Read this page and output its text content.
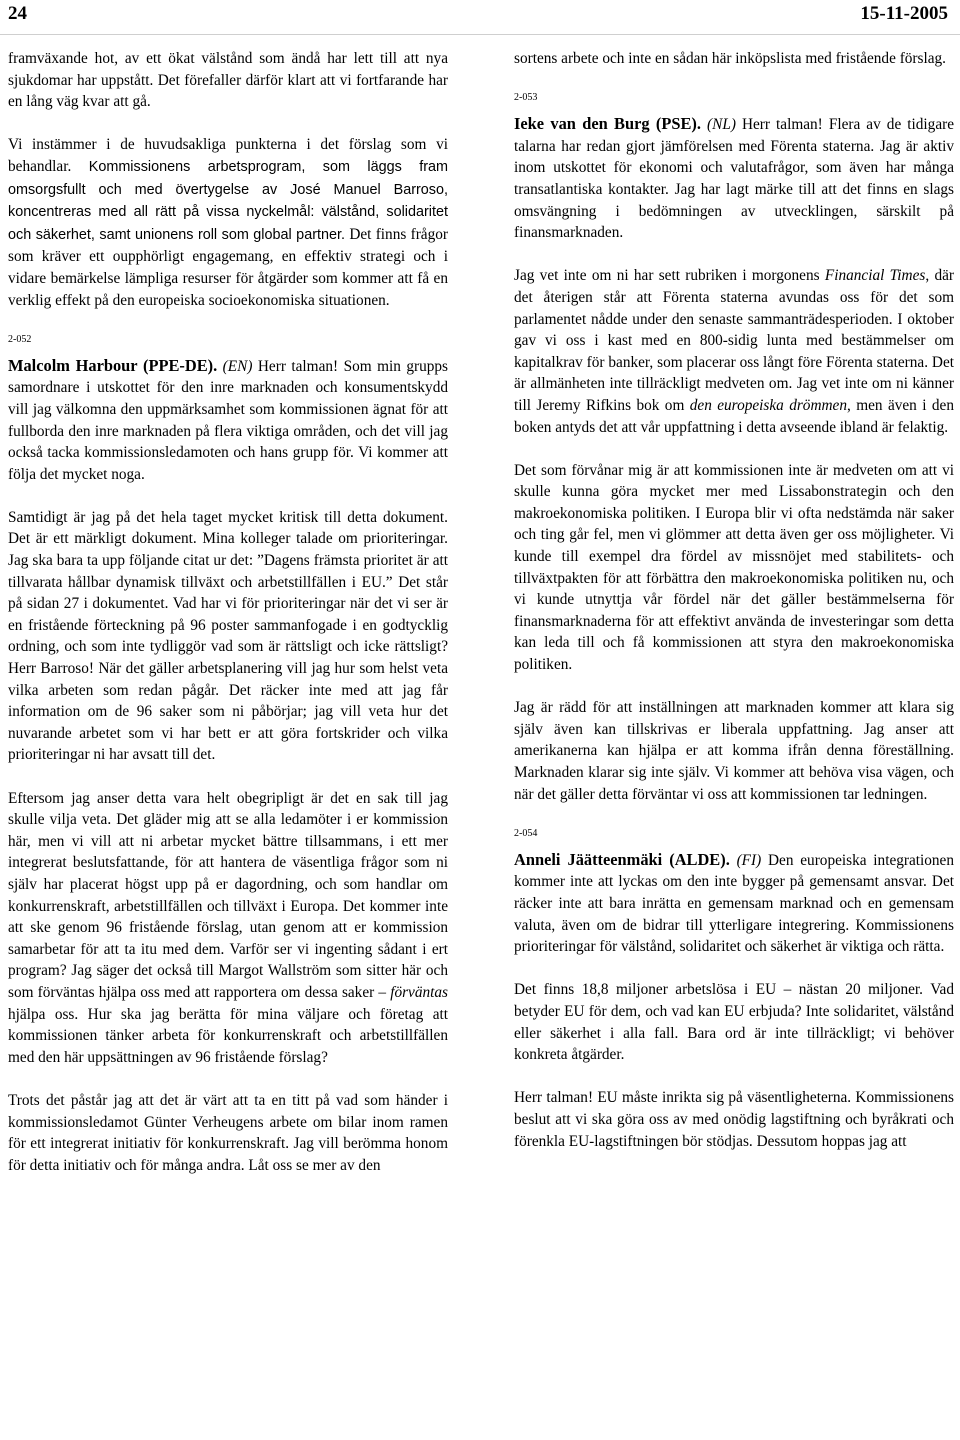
24	15-11-2005

framväxande hot, av ett ökat välstånd som ändå har lett till att nya sjukdomar har uppstått. Det förefaller därför klart att vi fortfarande har en lång väg kvar att gå.

Vi instämmer i de huvudsakliga punkterna i det förslag som vi behandlar. Kommissionens arbetsprogram, som läggs fram omsorgsfullt och med övertygelse av José Manuel Barroso, koncentreras med all rätt på vissa nyckelmål: välstånd, solidaritet och säkerhet, samt unionens roll som global partner. Det finns frågor som kräver ett oupphörligt engagemang, en effektiv strategi och i vidare bemärkelse lämpliga resurser för åtgärder som kommer att få en verklig effekt på den europeiska socioekonomiska situationen.

2-052

Malcolm Harbour (PPE-DE). (EN) Herr talman! Som min grupps samordnare i utskottet för den inre marknaden och konsumentskydd vill jag välkomna den uppmärksamhet som kommissionen ägnat för att fullborda den inre marknaden på flera viktiga områden, och det vill jag också tacka kommissionsledamoten och hans grupp för. Vi kommer att följa det mycket noga.

Samtidigt är jag på det hela taget mycket kritisk till detta dokument. Det är ett märkligt dokument. Mina kolleger talade om prioriteringar. Jag ska bara ta upp följande citat ur det: ”Dagens främsta prioritet är att tillvarata hållbar dynamisk tillväxt och arbetstillfällen i EU.” Det står på sidan 27 i dokumentet. Vad har vi för prioriteringar när det vi ser är en fristående förteckning på 96 poster sammanfogade i en godtycklig ordning, och som inte tydliggör vad som är rättsligt och icke rättsligt? Herr Barroso! När det gäller arbetsplanering vill jag hur som helst veta vilka arbeten som redan pågår. Det räcker inte med att jag får information om de 96 saker som ni påbörjar; jag vill veta hur det nuvarande arbetet som vi har bett er att göra fortskrider och vilka prioriteringar ni har avsatt till det.

Eftersom jag anser detta vara helt obegripligt är det en sak till jag skulle vilja veta. Det gläder mig att se alla ledamöter i er kommission här, men vi vill att ni arbetar mycket bättre tillsammans, i ett mer integrerat beslutsfattande, för att hantera de väsentliga frågor som ni själv har placerat högst upp på er dagordning, och som handlar om konkurrenskraft, arbetstillfällen och tillväxt i Europa. Det kommer inte att ske genom 96 fristående förslag, utan genom att er kommission samarbetar för att ta itu med dem. Varför ser vi ingenting sådant i ert program? Jag säger det också till Margot Wallström som sitter här och som förväntas hjälpa oss med att rapportera om dessa saker – förväntas hjälpa oss. Hur ska jag berätta för mina väljare och företag att kommissionen tänker arbeta för konkurrenskraft och arbetstillfällen med den här uppsättningen av 96 fristående förslag?

Trots det påstår jag att det är värt att ta en titt på vad som händer i kommissionsledamot Günter Verheugens arbete om bilar inom ramen för ett integrerat initiativ för konkurrenskraft. Jag vill berömma honom för detta initiativ och för många andra. Låt oss se mer av den

sortens arbete och inte en sådan här inköpslista med fristående förslag.

2-053

Ieke van den Burg (PSE). (NL) Herr talman! Flera av de tidigare talarna har redan gjort jämförelsen med Förenta staterna. Jag är aktiv inom utskottet för ekonomi och valutafrågor, som även har många transatlantiska kontakter. Jag har lagt märke till att det finns en slags omsvängning i bedömningen av utvecklingen, särskilt på finansmarknaden.

Jag vet inte om ni har sett rubriken i morgonens Financial Times, där det återigen står att Förenta staterna avundas oss för det som parlamentet nådde under den senaste sammanträdesperioden. I oktober gav vi oss i kast med en 800-sidig lunta med bestämmelser om kapitalkrav för banker, som placerar oss långt före Förenta staterna. Det är allmänheten inte tillräckligt medveten om. Jag vet inte om ni känner till Jeremy Rifkins bok om den europeiska drömmen, men även i den boken antyds det att vår uppfattning i detta avseende ibland är felaktig.

Det som förvånar mig är att kommissionen inte är medveten om att vi skulle kunna göra mycket mer med Lissabonstrategin och den makroekonomiska politiken. I Europa blir vi ofta nedstämda när saker och ting går fel, men vi glömmer att detta även ger oss möjligheter. Vi kunde till exempel dra fördel av missnöjet med stabilitets- och tillväxtpakten för att förbättra den makroekonomiska politiken nu, och vi kunde utnyttja vår fördel när det gäller bestämmelserna för finansmarknaderna för att effektivt använda de investeringar som detta kan leda till och få kommissionen att styra den makroekonomiska politiken.

Jag är rädd för att inställningen att marknaden kommer att klara sig själv även kan tillskrivas er liberala uppfattning. Jag anser att amerikanerna kan hjälpa er att komma ifrån denna föreställning. Marknaden klarar sig inte själv. Vi kommer att behöva visa vägen, och när det gäller detta förväntar vi oss att kommissionen tar ledningen.

2-054

Anneli Jäätteenmäki (ALDE). (FI) Den europeiska integrationen kommer inte att lyckas om den inte bygger på gemensamt ansvar. Det räcker inte att bara inrätta en gemensam marknad och en gemensam valuta, även om de bidrar till ytterligare integrering. Kommissionens prioriteringar för välstånd, solidaritet och säkerhet är viktiga och rätta.

Det finns 18,8 miljoner arbetslösa i EU – nästan 20 miljoner. Vad betyder EU för dem, och vad kan EU erbjuda? Inte solidaritet, välstånd eller säkerhet i alla fall. Bara ord är inte tillräckligt; vi behöver konkreta åtgärder.

Herr talman! EU måste inrikta sig på väsentligheterna. Kommissionens beslut att vi ska göra oss av med onödig lagstiftning och byråkrati och förenkla EU-lagstiftningen bör stödjas. Dessutom hoppas jag att
